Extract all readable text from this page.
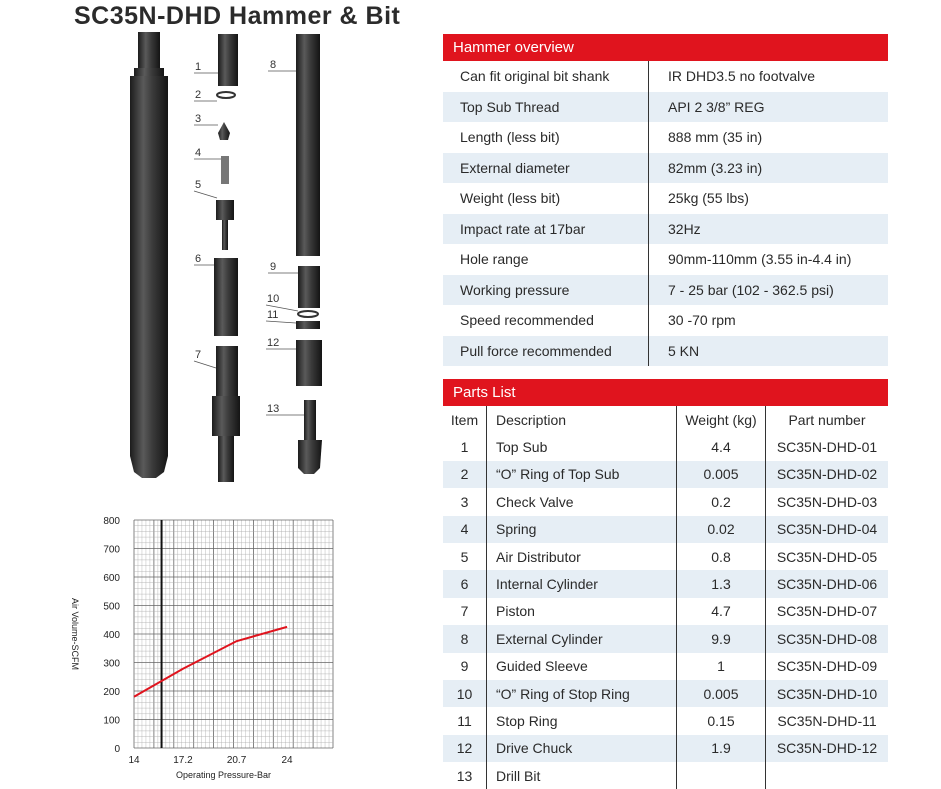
SC35N-DHD Hammer & Bit
1
2
3
4
5
6
7
8
9
10
11
12
13
0
100
200
300
400
500
600
700
800
14	17.2	20.7	24
Operating Pressure-Bar
Air Volume-SCFM
Hammer overview
Can fit original bit shank	IR DHD3.5 no footvalve
Top Sub Thread	API 2 3/8” REG
Length (less bit)	888 mm (35 in)
External diameter	82mm (3.23 in)
Weight (less bit)	25kg (55 lbs)
Impact rate at 17bar	32Hz
Hole range	90mm-110mm (3.55 in-4.4 in)
Working pressure	7 - 25 bar (102 - 362.5 psi)
Speed recommended	30 -70 rpm
Pull force recommended	5 KN
Parts List
Item	Description	Weight (kg)	Part number
1	Top Sub	4.4	SC35N-DHD-01
2	“O” Ring of Top Sub	0.005	SC35N-DHD-02
3	Check Valve	0.2	SC35N-DHD-03
4	Spring	0.02	SC35N-DHD-04
5	Air Distributor	0.8	SC35N-DHD-05
6	Internal Cylinder	1.3	SC35N-DHD-06
7	Piston	4.7	SC35N-DHD-07
8	External Cylinder	9.9	SC35N-DHD-08
9	Guided Sleeve	1	SC35N-DHD-09
10	“O” Ring of Stop Ring	0.005	SC35N-DHD-10
11	Stop Ring	0.15	SC35N-DHD-11
12	Drive Chuck	1.9	SC35N-DHD-12
13	Drill Bit		
